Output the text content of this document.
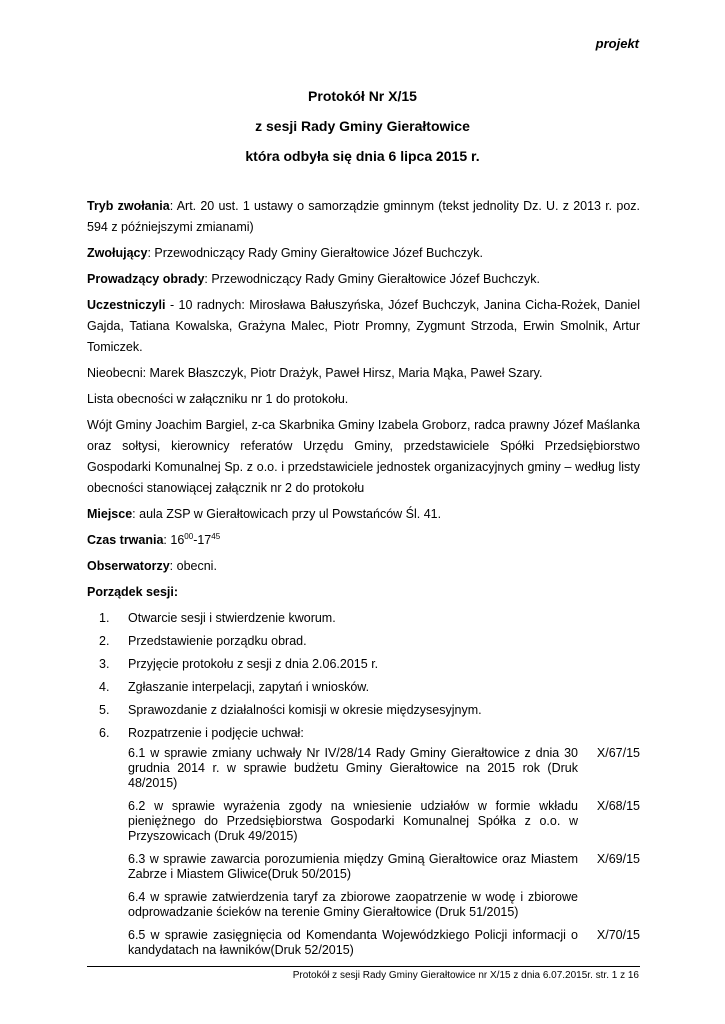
projekt
Protokół Nr X/15
z sesji Rady Gminy Gierałtowice
która odbyła się dnia 6 lipca 2015 r.

Tryb zwołania: Art. 20 ust. 1 ustawy o samorządzie gminnym (tekst jednolity Dz. U. z 2013 r. poz. 594 z późniejszymi zmianami)

Zwołujący: Przewodniczący Rady Gminy Gierałtowice Józef Buchczyk.

Prowadzący obrady: Przewodniczący Rady Gminy Gierałtowice Józef Buchczyk.

Uczestniczyli - 10 radnych: Mirosława Bałuszyńska, Józef Buchczyk, Janina Cicha-Rożek, Daniel Gajda, Tatiana Kowalska, Grażyna Malec, Piotr Promny, Zygmunt Strzoda, Erwin Smolnik, Artur Tomiczek.

Nieobecni: Marek Błaszczyk, Piotr Drażyk, Paweł Hirsz, Maria Mąka, Paweł Szary.

Lista obecności w załączniku nr 1 do protokołu.

Wójt Gminy Joachim Bargiel, z-ca Skarbnika Gminy Izabela Groborz, radca prawny Józef Maślanka oraz sołtysi, kierownicy referatów Urzędu Gminy, przedstawiciele Spółki Przedsiębiorstwo Gospodarki Komunalnej Sp. z o.o. i przedstawiciele jednostek organizacyjnych gminy – według listy obecności stanowiącej załącznik nr 2 do protokołu

Miejsce: aula ZSP w Gierałtowicach przy ul Powstańców Śl. 41.

Czas trwania: $16^{00}-17^{45}$

Obserwatorzy: obecni.

Porządek sesji:

1. Otwarcie sesji i stwierdzenie kworum.
2. Przedstawienie porządku obrad.
3. Przyjęcie protokołu z sesji z dnia 2.06.2015 r.
4. Zgłaszanie interpelacji, zapytań i wniosków.
5. Sprawozdanie z działalności komisji w okresie międzysesyjnym.
6. Rozpatrzenie i podjęcie uchwał:
6.1 w sprawie zmiany uchwały Nr IV/28/14 Rady Gminy Gierałtowice z dnia 30 grudnia 2014 r. w sprawie budżetu Gminy Gierałtowice na 2015 rok (Druk 48/2015)
X/67/15
6.2 w sprawie wyrażenia zgody na wniesienie udziałów w formie wkładu pieniężnego do Przedsiębiorstwa Gospodarki Komunalnej Spółka z o.o. w Przyszowicach (Druk 49/2015)
X/68/15
6.3 w sprawie zawarcia porozumienia między Gminą Gierałtowice oraz Miastem Zabrze i Miastem Gliwice(Druk 50/2015)
X/69/15
6.4 w sprawie zatwierdzenia taryf za zbiorowe zaopatrzenie w wodę i zbiorowe odprowadzanie ścieków na terenie Gminy Gierałtowice (Druk 51/2015)
6.5 w sprawie zasięgnięcia od Komendanta Wojewódzkiego Policji informacji o kandydatach na ławników(Druk 52/2015)
X/70/15
Protokół z sesji Rady Gminy Gierałtowice nr X/15 z dnia 6.07.2015r. str. 1 z 16
